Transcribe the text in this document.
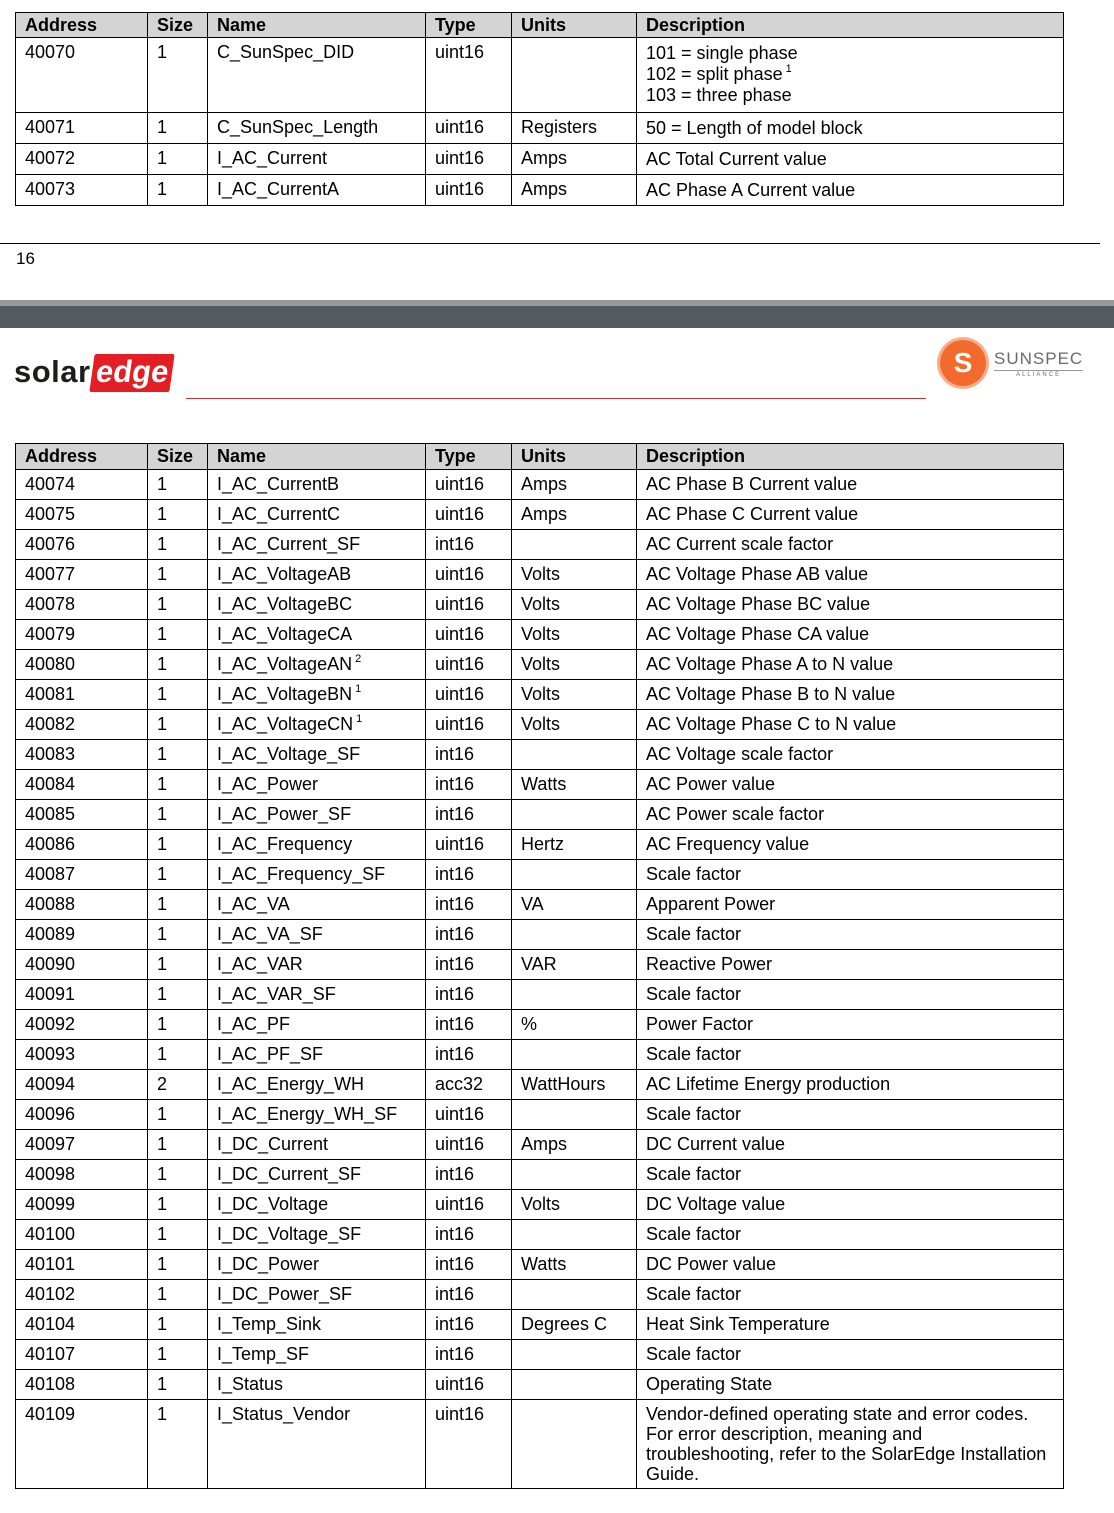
Address	Size	Name	Type	Units	Description
40070	1	C_SunSpec_DID	uint16		101 = single phase
102 = split phase $^1$
103 = three phase

40071	1	C_SunSpec_Length	uint16	Registers	50 = Length of model block

40072	1	I_AC_Current	uint16	Amps	AC Total Current value

40073	1	I_AC_CurrentA	uint16	Amps	AC Phase A Current value
16
solar edge	S	SUNSPEC
ALLIANCE
Address	Size	Name	Type	Units	Description
40074	1	I_AC_CurrentB	uint16	Amps	AC Phase B Current value
40075	1	I_AC_CurrentC	uint16	Amps	AC Phase C Current value
40076	1	I_AC_Current_SF	int16		AC Current scale factor
40077	1	I_AC_VoltageAB	uint16	Volts	AC Voltage Phase AB value
40078	1	I_AC_VoltageBC	uint16	Volts	AC Voltage Phase BC value
40079	1	I_AC_VoltageCA	uint16	Volts	AC Voltage Phase CA value
40080	1	I_AC_VoltageAN $^2$	uint16	Volts	AC Voltage Phase A to N value
40081	1	I_AC_VoltageBN $^1$	uint16	Volts	AC Voltage Phase B to N value
40082	1	I_AC_VoltageCN $^1$	uint16	Volts	AC Voltage Phase C to N value
40083	1	I_AC_Voltage_SF	int16		AC Voltage scale factor
40084	1	I_AC_Power	int16	Watts	AC Power value
40085	1	I_AC_Power_SF	int16		AC Power scale factor
40086	1	I_AC_Frequency	uint16	Hertz	AC Frequency value
40087	1	I_AC_Frequency_SF	int16		Scale factor
40088	1	I_AC_VA	int16	VA	Apparent Power
40089	1	I_AC_VA_SF	int16		Scale factor
40090	1	I_AC_VAR	int16	VAR	Reactive Power
40091	1	I_AC_VAR_SF	int16		Scale factor
40092	1	I_AC_PF	int16	%	Power Factor
40093	1	I_AC_PF_SF	int16		Scale factor
40094	2	I_AC_Energy_WH	acc32	WattHours	AC Lifetime Energy production
40096	1	I_AC_Energy_WH_SF	uint16		Scale factor
40097	1	I_DC_Current	uint16	Amps	DC Current value
40098	1	I_DC_Current_SF	int16		Scale factor
40099	1	I_DC_Voltage	uint16	Volts	DC Voltage value
40100	1	I_DC_Voltage_SF	int16		Scale factor
40101	1	I_DC_Power	int16	Watts	DC Power value
40102	1	I_DC_Power_SF	int16		Scale factor
40104	1	I_Temp_Sink	int16	Degrees C	Heat Sink Temperature
40107	1	I_Temp_SF	int16		Scale factor
40108	1	I_Status	uint16		Operating State
40109	1	I_Status_Vendor	uint16		Vendor-defined operating state and error codes. For error description, meaning and troubleshooting, refer to the SolarEdge Installation Guide.
